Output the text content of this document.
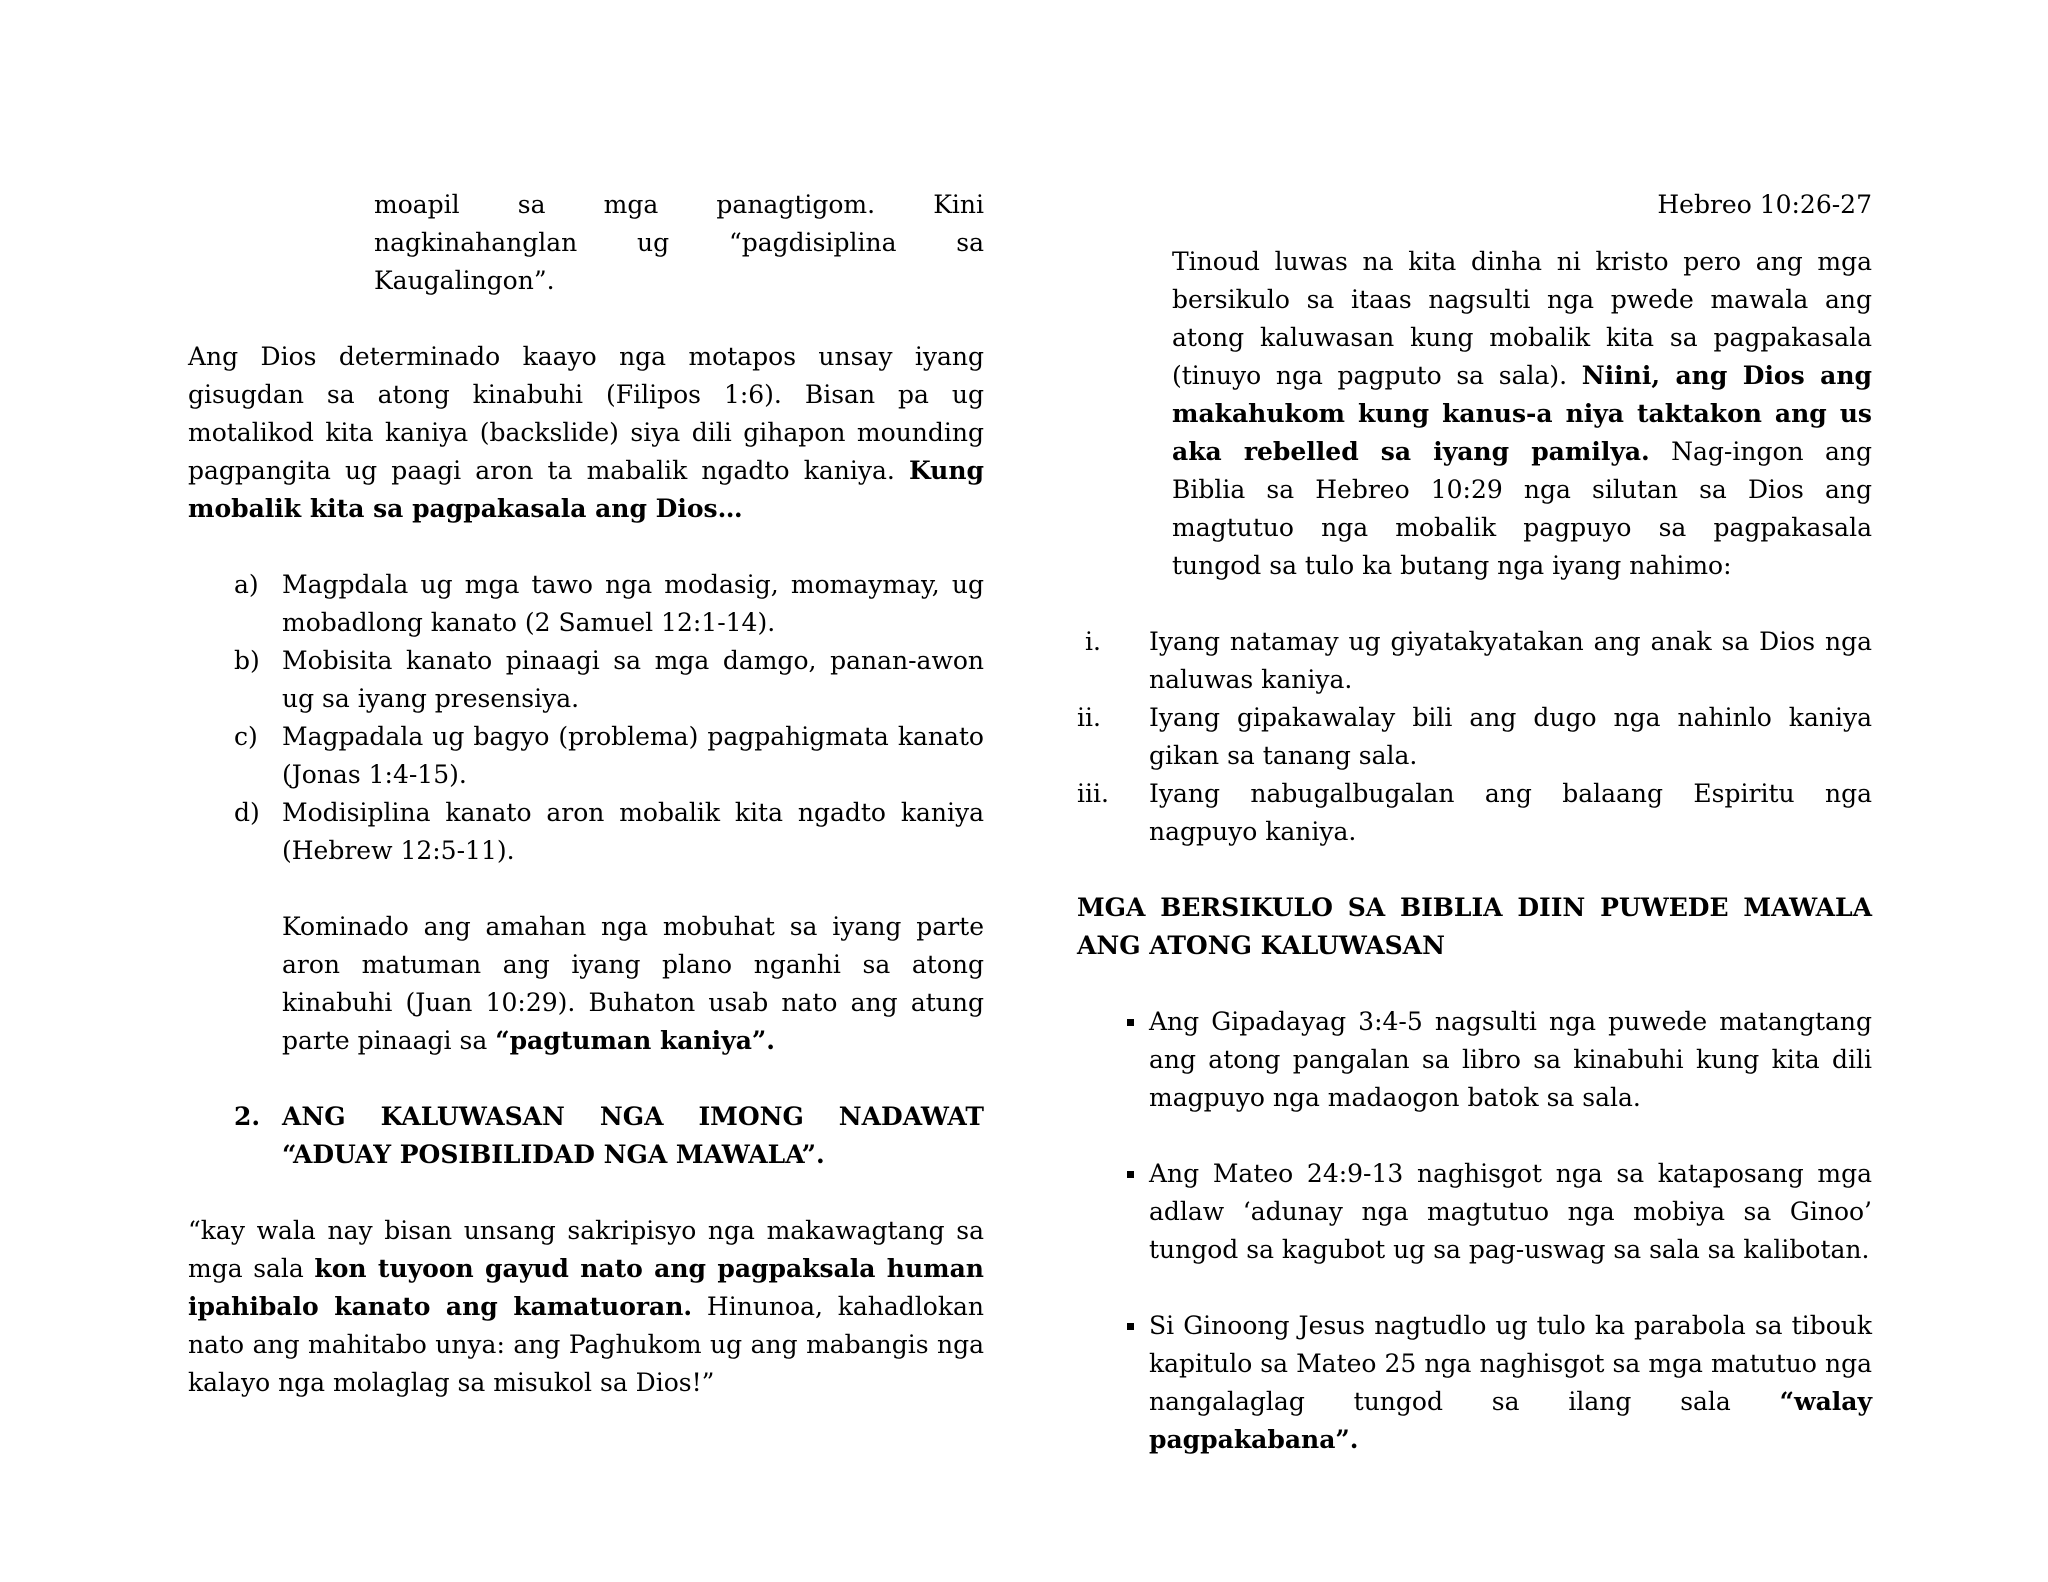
moapil sa mga panagtigom. Kini nagkinahanglan ug “pagdisiplina sa Kaugalingon”.

Ang Dios determinado kaayo nga motapos unsay iyang gisugdan sa atong kinabuhi (Filipos 1:6). Bisan pa ug motalikod kita kaniya (backslide) siya dili gihapon mounding pagpangita ug paagi aron ta mabalik ngadto kaniya. Kung mobalik kita sa pagpakasala ang Dios…

a) Magpdala ug mga tawo nga modasig, momaymay, ug mobadlong kanato (2 Samuel 12:1-14).
b) Mobisita kanato pinaagi sa mga damgo, panan-awon ug sa iyang presensiya.
c) Magpadala ug bagyo (problema) pagpahigmata kanato (Jonas 1:4-15).
d) Modisiplina kanato aron mobalik kita ngadto kaniya (Hebrew 12:5-11).

Kominado ang amahan nga mobuhat sa iyang parte aron matuman ang iyang plano nganhi sa atong kinabuhi (Juan 10:29). Buhaton usab nato ang atung parte pinaagi sa “pagtuman kaniya”.

2. ANG KALUWASAN NGA IMONG NADAWAT “ADUAY POSIBILIDAD NGA MAWALA”.

“kay wala nay bisan unsang sakripisyo nga makawagtang sa mga sala kon tuyoon gayud nato ang pagpaksala human ipahibalo kanato ang kamatuoran. Hinunoa, kahadlokan nato ang mahitabo unya: ang Paghukom ug ang mabangis nga kalayo nga molaglag sa misukol sa Dios!”

Hebreo 10:26-27

Tinoud luwas na kita dinha ni kristo pero ang mga bersikulo sa itaas nagsulti nga pwede mawala ang atong kaluwasan kung mobalik kita sa pagpakasala (tinuyo nga pagputo sa sala). Niini, ang Dios ang makahukom kung kanus-a niya taktakon ang us aka rebelled sa iyang pamilya. Nag-ingon ang Biblia sa Hebreo 10:29 nga silutan sa Dios ang magtutuo nga mobalik pagpuyo sa pagpakasala tungod sa tulo ka butang nga iyang nahimo:

i. Iyang natamay ug giyatakyatakan ang anak sa Dios nga naluwas kaniya.
ii. Iyang gipakawalay bili ang dugo nga nahinlo kaniya gikan sa tanang sala.
iii. Iyang nabugalbugalan ang balaang Espiritu nga nagpuyo kaniya.

MGA BERSIKULO SA BIBLIA DIIN PUWEDE MAWALA ANG ATONG KALUWASAN

Ang Gipadayag 3:4-5 nagsulti nga puwede matangtang ang atong pangalan sa libro sa kinabuhi kung kita dili magpuyo nga madaogon batok sa sala.
Ang Mateo 24:9-13 naghisgot nga sa kataposang mga adlaw ‘adunay nga magtutuo nga mobiya sa Ginoo’ tungod sa kagubot ug sa pag-uswag sa sala sa kalibotan.
Si Ginoong Jesus nagtudlo ug tulo ka parabola sa tibouk kapitulo sa Mateo 25 nga naghisgot sa mga matutuo nga nangalaglag tungod sa ilang sala “walay pagpakabana”.
